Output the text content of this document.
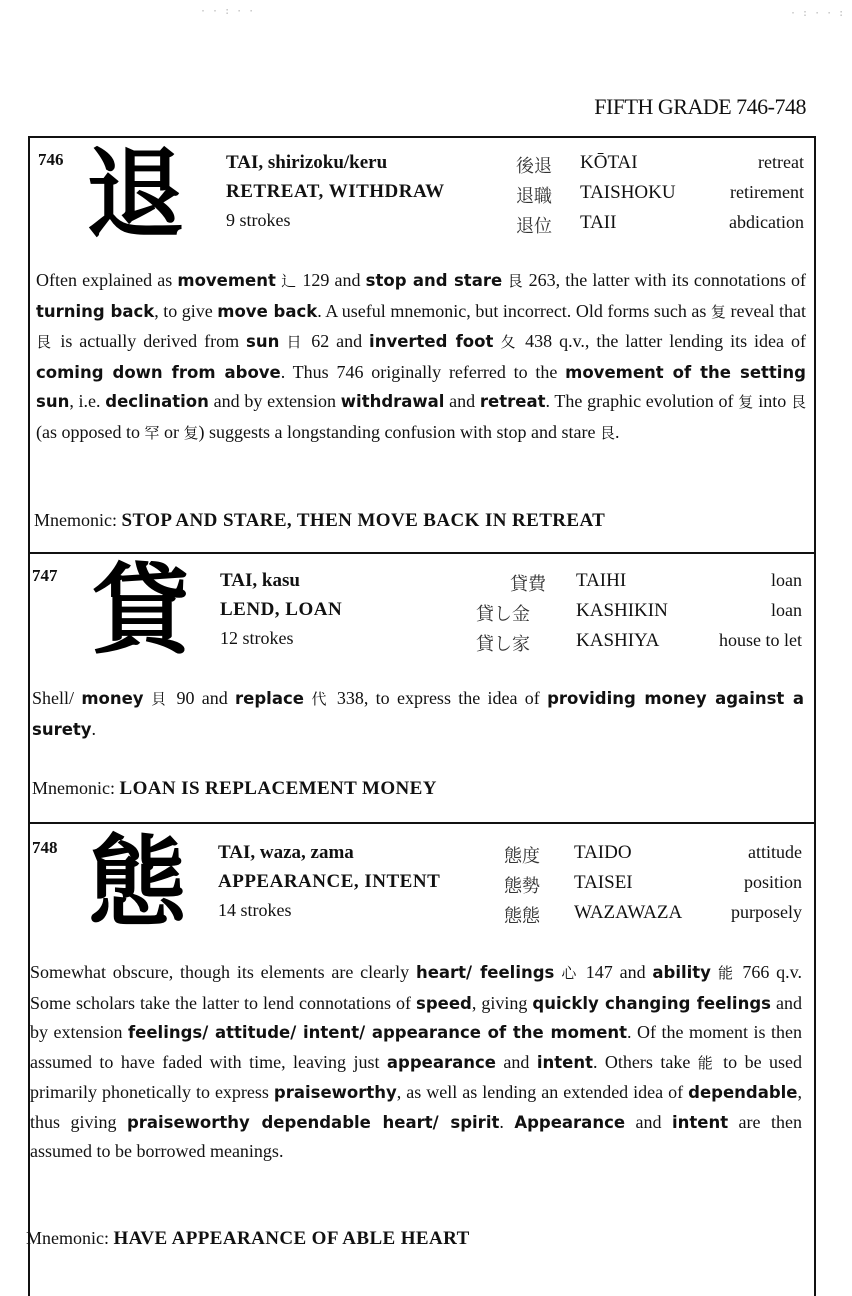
· · : · ·	· : · · :
FIFTH GRADE 746-748
746 退 TAI, shirizoku/keru
RETREAT, WITHDRAW
9 strokes
後退 KŌTAI	retreat
退職 TAISHOKU	retirement
退位 TAII	abdication
Often explained as movement ⻌ 129 and stop and stare 艮 263, the latter with its connotations of turning back, to give move back. A useful mnemonic, but incorrect. Old forms such as 复 reveal that 艮 is actually derived from sun 日 62 and inverted foot 夂 438 q.v., the latter lending its idea of coming down from above. Thus 746 originally referred to the movement of the setting sun, i.e. declination and by extension withdrawal and retreat. The graphic evolution of 复 into 艮 (as opposed to 罕 or 复) suggests a longstanding confusion with stop and stare 艮.
Mnemonic: STOP AND STARE, THEN MOVE BACK IN RETREAT
747 貸 TAI, kasu
LEND, LOAN
12 strokes
貸費 TAIHI	loan
貸し金 KASHIKIN	loan
貸し家 KASHIYA	house to let
Shell/ money 貝 90 and replace 代 338, to express the idea of providing money against a surety.
Mnemonic: LOAN IS REPLACEMENT MONEY
748 態 TAI, waza, zama
APPEARANCE, INTENT
14 strokes
態度 TAIDO	attitude
態勢 TAISEI	position
態態 WAZAWAZA	purposely
Somewhat obscure, though its elements are clearly heart/ feelings 心 147 and ability 能 766 q.v. Some scholars take the latter to lend connotations of speed, giving quickly changing feelings and by extension feelings/ attitude/ intent/ appearance of the moment. Of the moment is then assumed to have faded with time, leaving just appearance and intent. Others take 能 to be used primarily phonetically to express praiseworthy, as well as lending an extended idea of dependable, thus giving praiseworthy dependable heart/ spirit. Appearance and intent are then assumed to be borrowed meanings.
Mnemonic: HAVE APPEARANCE OF ABLE HEART
